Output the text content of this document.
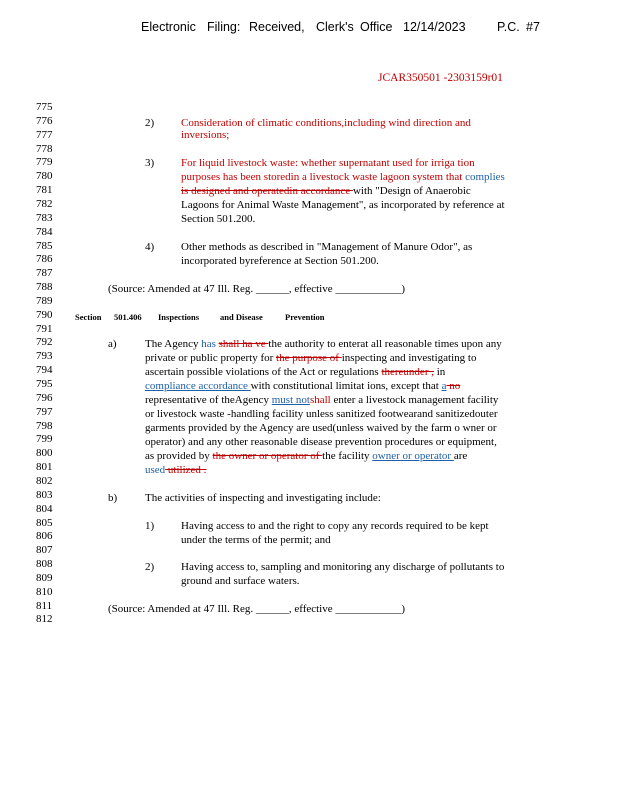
Electronic Filing: Received, Clerk's Office 12/14/2023	P.C. #7
JCAR350501 -2303159r01
775
776
777
778
779
780
781
782
783
784
785
786
787
788
789
790
791
792
793
794
795
796
797
798
799
800
801
802
803
804
805
806
807
808
809
810
811
812
2) Consideration of climatic conditions,including wind direction and
inversions;
3) For liquid livestock waste: whether supernatant used for irriga tion
purposes has been storedin a livestock waste lagoon system that complies
is designed and operatedin accordance with "Design of Anaerobic
Lagoons for Animal Waste Management", as incorporated by reference at
Section 501.200.
4) Other methods as described in "Management of Manure Odor", as
incorporated byreference at Section 501.200.
(Source: Amended at 47 Ill. Reg. ______, effective ____________)
Section 501.406 Inspections and Disease	Prevention
a)	The Agency has shall ha ve the authority to enterat all reasonable times upon any
private or public property for the purpose of inspecting and investigating to
ascertain possible violations of the Act or regulations thereunder , in
compliance accordance with constitutional limitat ions, except that a no
representative of theAgency must notshall enter a livestock management facility
or livestock waste -handling facility unless sanitized footwearand sanitizedouter
garments provided by the Agency are used(unless waived by the farm o wner or
operator) and any other reasonable disease prevention procedures or equipment,
as provided by the owner or operator of the facility owner or operator are
used utilized .
b)	The activities of inspecting and investigating include:
1) Having access to and the right to copy any records required to be kept
under the terms of the permit; and
2) Having access to, sampling and monitoring any discharge of pollutants to
ground and surface waters.
(Source: Amended at 47 Ill. Reg. ______, effective ____________)
